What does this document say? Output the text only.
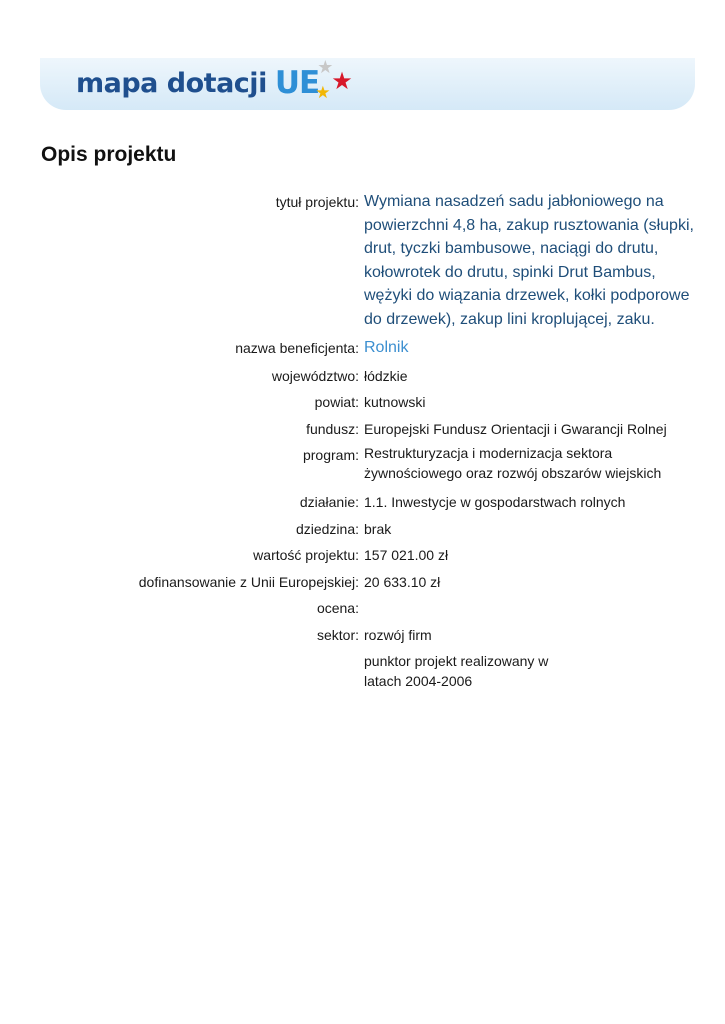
mapa dotacji UE
★
★ ★
Opis projektu
tytuł projektu: Wymiana nasadzeń sadu jabłoniowego na powierzchni 4,8 ha, zakup rusztowania (słupki, drut, tyczki bambusowe, naciągi do drutu, kołowrotek do drutu, spinki Drut Bambus, wężyki do wiązania drzewek, kołki podporowe do drzewek), zakup lini kroplującej, zaku.
nazwa beneficjenta: Rolnik
województwo: łódzkie
powiat: kutnowski
fundusz: Europejski Fundusz Orientacji i Gwarancji Rolnej
program: Restrukturyzacja i modernizacja sektora żywnościowego oraz rozwój obszarów wiejskich
działanie: 1.1. Inwestycje w gospodarstwach rolnych
dziedzina: brak
wartość projektu: 157 021.00 zł
dofinansowanie z Unii Europejskiej: 20 633.10 zł
ocena:
sektor: rozwój firm
punktor projekt realizowany w latach 2004-2006
